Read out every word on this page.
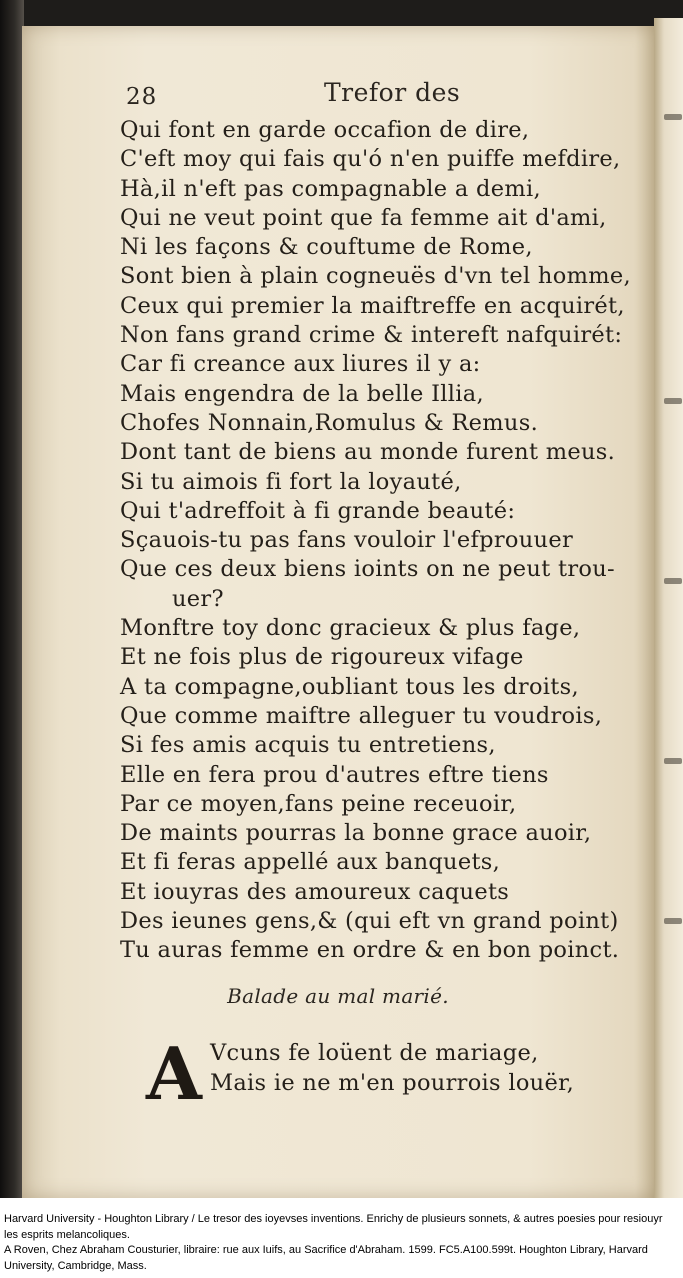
28	Trefor des
Qui font en garde occafion de dire,
C'eft moy qui fais qu'ó n'en puiffe mefdire,
Hà,il n'eft pas compagnable a demi,
Qui ne veut point que fa femme ait d'ami,
Ni les façons & couftume de Rome,
Sont bien à plain cogneuës d'vn tel homme,
Ceux qui premier la maiftreffe en acquirét,
Non fans grand crime & intereft nafquirét:
Car fi creance aux liures il y a:
Mais engendra de la belle Illia,
Chofes Nonnain,Romulus & Remus.
Dont tant de biens au monde furent meus.
Si tu aimois fi fort la loyauté,
Qui t'adreffoit à fi grande beauté:
Sçauois-tu pas fans vouloir l'efprouuer
Que ces deux biens ioints on ne peut trou-
uer?
Monftre toy donc gracieux & plus fage,
Et ne fois plus de rigoureux vifage
A ta compagne,oubliant tous les droits,
Que comme maiftre alleguer tu voudrois,
Si fes amis acquis tu entretiens,
Elle en fera prou d'autres eftre tiens
Par ce moyen,fans peine receuoir,
De maints pourras la bonne grace auoir,
Et fi feras appellé aux banquets,
Et iouyras des amoureux caquets
Des ieunes gens,& (qui eft vn grand point)
Tu auras femme en ordre & en bon poinct.
Balade au mal marié.
A Vcuns fe loüent de mariage,
Mais ie ne m'en pourrois louër,

Harvard University - Houghton Library / Le tresor des ioyevses inventions. Enrichy de plusieurs sonnets, & autres poesies pour resiouyr les esprits melancoliques.

A Roven, Chez Abraham Cousturier, libraire: rue aux Iuifs, au Sacrifice d'Abraham. 1599. FC5.A100.599t. Houghton Library, Harvard University, Cambridge, Mass.
